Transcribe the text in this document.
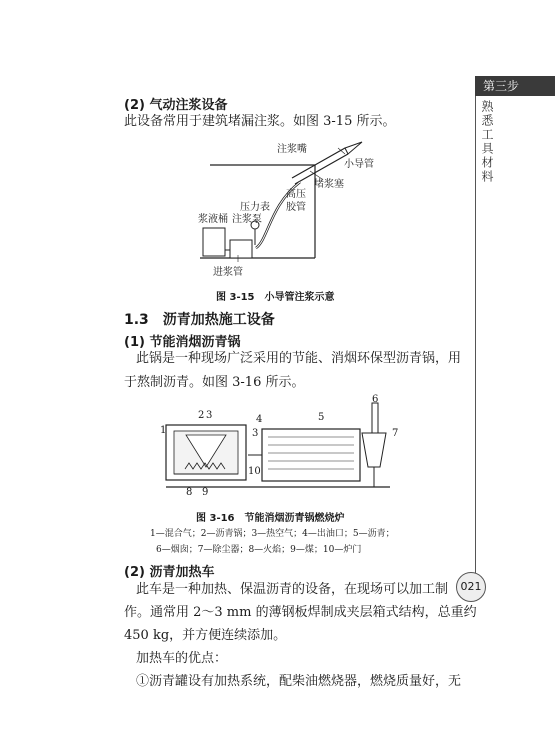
第三步
熟悉工具材料
021
(2) 气动注浆设备
此设备常用于建筑堵漏注浆。如图 3-15 所示。
注浆嘴
小导管
堵浆塞
高压胶管
压力表
浆液桶 注浆泵
进浆管
图 3-15　小导管注浆示意
1.3　沥青加热施工设备
(1) 节能消烟沥青锅
此锅是一种现场广泛采用的节能、消烟环保型沥青锅，用
于熬制沥青。如图 3-16 所示。
1
2 3	4	5
6
7
8 9
3
10
图 3-16　节能消烟沥青锅燃烧炉
1—混合气；2—沥青锅；3—热空气；4—出油口；5—沥青；
6—烟囱；7—除尘器；8—火焰；9—煤；10—炉门
(2) 沥青加热车
此车是一种加热、保温沥青的设备，在现场可以加工制
作。通常用 2～3 mm 的薄钢板焊制成夹层箱式结构，总重约
450 kg，并方便连续添加。
加热车的优点：
①沥青罐设有加热系统，配柴油燃烧器，燃烧质量好，无
